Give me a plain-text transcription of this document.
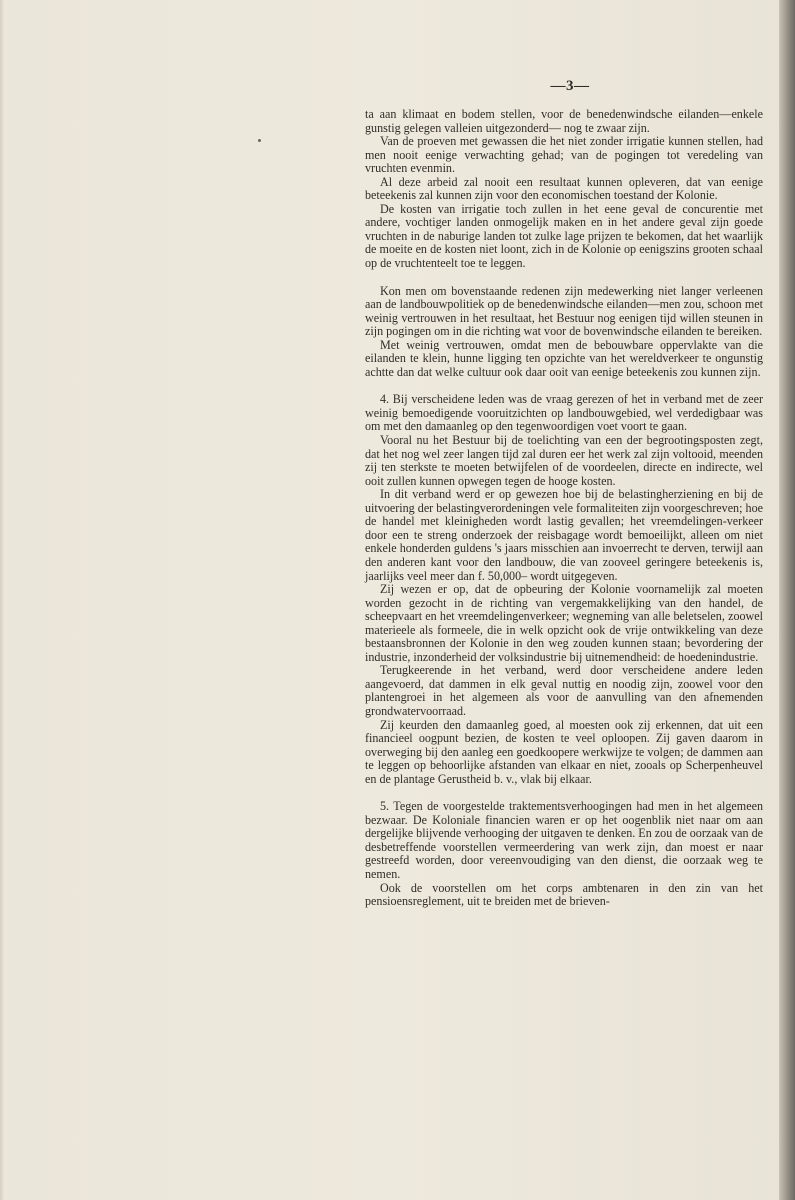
—3—

ta aan klimaat en bodem stellen, voor de benedenwindsche eilanden—enkele gunstig gelegen valleien uitgezonderd— nog te zwaar zijn.

Van de proeven met gewassen die het niet zonder irrigatie kunnen stellen, had men nooit eenige verwachting gehad; van de pogingen tot veredeling van vruchten evenmin.

Al deze arbeid zal nooit een resultaat kunnen opleveren, dat van eenige beteekenis zal kunnen zijn voor den economischen toestand der Kolonie.

De kosten van irrigatie toch zullen in het eene geval de concurentie met andere, vochtiger landen onmogelijk maken en in het andere geval zijn goede vruchten in de naburige landen tot zulke lage prijzen te bekomen, dat het waarlijk de moeite en de kosten niet loont, zich in de Kolonie op eenigszins grooten schaal op de vruchtenteelt toe te leggen.

Kon men om bovenstaande redenen zijn medewerking niet langer verleenen aan de landbouwpolitiek op de benedenwindsche eilanden—men zou, schoon met weinig vertrouwen in het resultaat, het Bestuur nog eenigen tijd willen steunen in zijn pogingen om in die richting wat voor de bovenwindsche eilanden te bereiken.

Met weinig vertrouwen, omdat men de bebouwbare oppervlakte van die eilanden te klein, hunne ligging ten opzichte van het wereldverkeer te ongunstig achtte dan dat welke cultuur ook daar ooit van eenige beteekenis zou kunnen zijn.

4. Bij verscheidene leden was de vraag gerezen of het in verband met de zeer weinig bemoedigende vooruitzichten op landbouwgebied, wel verdedigbaar was om met den damaanleg op den tegenwoordigen voet voort te gaan.

Vooral nu het Bestuur bij de toelichting van een der begrootingsposten zegt, dat het nog wel zeer langen tijd zal duren eer het werk zal zijn voltooid, meenden zij ten sterkste te moeten betwijfelen of de voordeelen, directe en indirecte, wel ooit zullen kunnen opwegen tegen de hooge kosten.

In dit verband werd er op gewezen hoe bij de belastingherziening en bij de uitvoering der belastingverordeningen vele formaliteiten zijn voorgeschreven; hoe de handel met kleinigheden wordt lastig gevallen; het vreemdelingen-verkeer door een te streng onderzoek der reisbagage wordt bemoeilijkt, alleen om niet enkele honderden guldens 's jaars misschien aan invoerrecht te derven, terwijl aan den anderen kant voor den landbouw, die van zooveel geringere beteekenis is, jaarlijks veel meer dan f. 50,000– wordt uitgegeven.

Zij wezen er op, dat de opbeuring der Kolonie voornamelijk zal moeten worden gezocht in de richting van vergemakkelijking van den handel, de scheepvaart en het vreemdelingenverkeer; wegneming van alle beletselen, zoowel materieele als formeele, die in welk opzicht ook de vrije ontwikkeling van deze bestaansbronnen der Kolonie in den weg zouden kunnen staan; bevordering der industrie, inzonderheid der volksindustrie bij uitnemendheid: de hoedenindustrie.

Terugkeerende in het verband, werd door verscheidene andere leden aangevoerd, dat dammen in elk geval nuttig en noodig zijn, zoowel voor den plantengroei in het algemeen als voor de aanvulling van den afnemenden grondwatervoorraad.

Zij keurden den damaanleg goed, al moesten ook zij erkennen, dat uit een financieel oogpunt bezien, de kosten te veel oploopen. Zij gaven daarom in overweging bij den aanleg een goedkoopere werkwijze te volgen; de dammen aan te leggen op behoorlijke afstanden van elkaar en niet, zooals op Scherpenheuvel en de plantage Gerustheid b. v., vlak bij elkaar.

5. Tegen de voorgestelde traktementsverhoogingen had men in het algemeen bezwaar. De Koloniale financien waren er op het oogenblik niet naar om aan dergelijke blijvende verhooging der uitgaven te denken. En zou de oorzaak van de desbetreffende voorstellen vermeerdering van werk zijn, dan moest er naar gestreefd worden, door vereenvoudiging van den dienst, die oorzaak weg te nemen.

Ook de voorstellen om het corps ambtenaren in den zin van het pensioensreglement, uit te breiden met de brieven-
